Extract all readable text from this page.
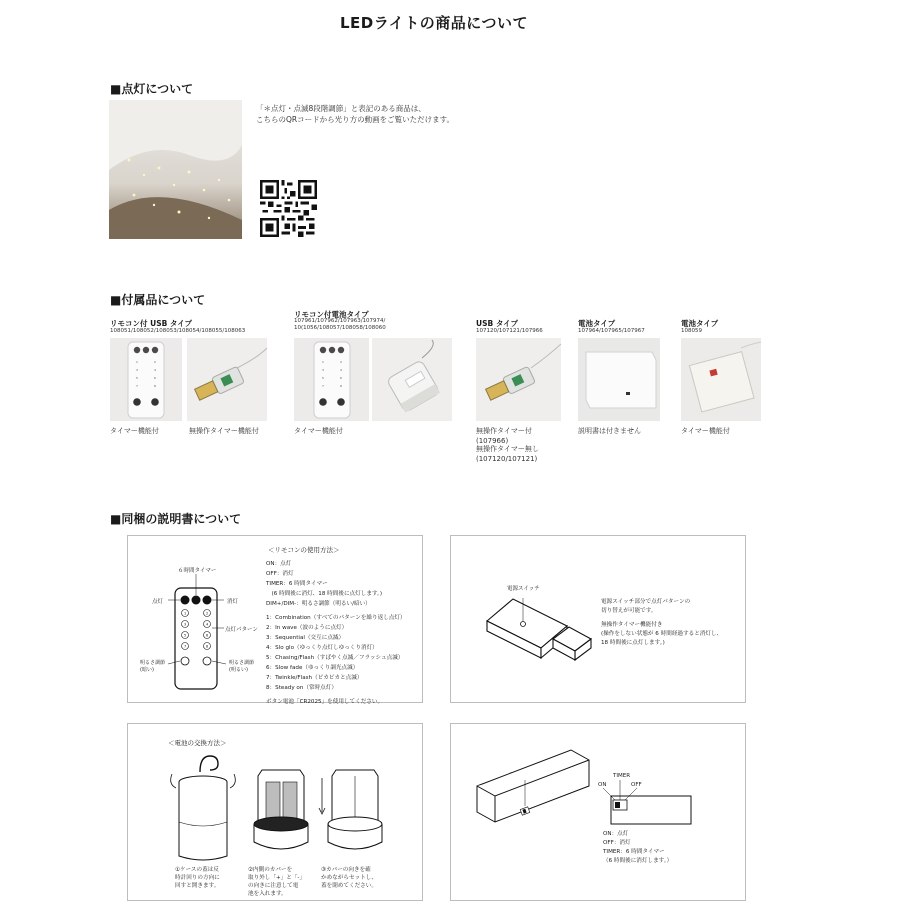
LEDライトの商品について
■点灯について
「＊点灯・点滅8段階調節」と表記のある商品は、
こちらのQRコードから光り方の動画をご覧いただけます。
■付属品について
リモコン付 USB タイプ
108051/108052/108053/108054/108055/108063
1	2
3	4
5	6
7	8
タイマー機能付	無操作タイマー機能付
リモコン付電池タイプ
107961/107962/107963/107974/
10⁠(1056/108057/108058/108060
1	2
3	4
5	6
7	8
タイマー機能付
USB タイプ
107120/107121/107966
無操作タイマー付
(107966)
無操作タイマー無し
(107120/107121)
電池タイプ
107964/107965/107967
説明書は付きません
電池タイプ
108059
タイマー機能付
■同梱の説明書について
＜リモコンの使用方法＞
1	2
3	4
5	6
7	8
６時間タイマー
点灯	消灯
点灯パターン
明るさ調節
(暗い)
明るさ調節
(明るい)
ON：点灯
OFF：消灯
TIMER：6 時間タイマー
　(6 時間後に消灯、18 時間後に点灯します。)
DIM+/DIM-：明るさ調節（明るい/暗い）
1：Combination（すべてのパターンを繰り返し点灯）
2：In wave（波のように点灯）
3：Sequential（交互に点滅）
4：Slo glo（ゆっくり点灯しゆっくり消灯）
5：Chasing/Flash（すばやく点滅／フラッシュ点滅）
6：Slow fade（ゆっくり調光点滅）
7：Twinkle/Flash（ピカピカと点滅）
8：Steady on（常時点灯）
ボタン電池「CR2025」を使用してください。
電源スイッチ
電源スイッチ部分で点灯パターンの
切り替えが可能です。
無操作タイマー機能付き
(操作をしない状態が 6 時間経過すると消灯し、
18 時間後に点灯します。)
＜電池の交換方法＞
①ケースの蓋は反
時計回りの方向に
回すと開きます。
②内側のカバーを
取り外し「+」と「-」
の向きに注意して電
池を入れます。
③カバーの向きを確
かめながらセットし、
蓋を閉めてください。
TIMER
ON	OFF
ON：点灯
OFF：消灯
TIMER：6 時間タイマー
（6 時間後に消灯します。）
